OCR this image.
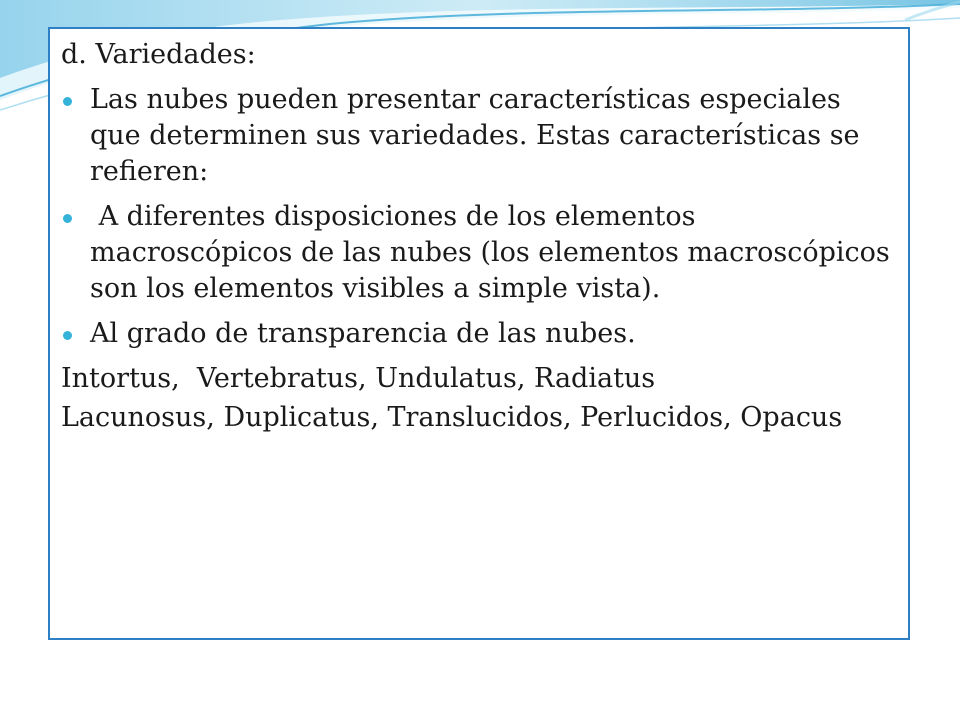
d. Variedades:
Las nubes pueden presentar características especiales que determinen sus variedades. Estas características se refieren:
A diferentes disposiciones de los elementos macroscópicos de las nubes (los elementos macroscópicos son los elementos visibles a simple vista).
Al grado de transparencia de las nubes.
Intortus,  Vertebratus, Undulatus, Radiatus
Lacunosus, Duplicatus, Translucidos, Perlucidos, Opacus
